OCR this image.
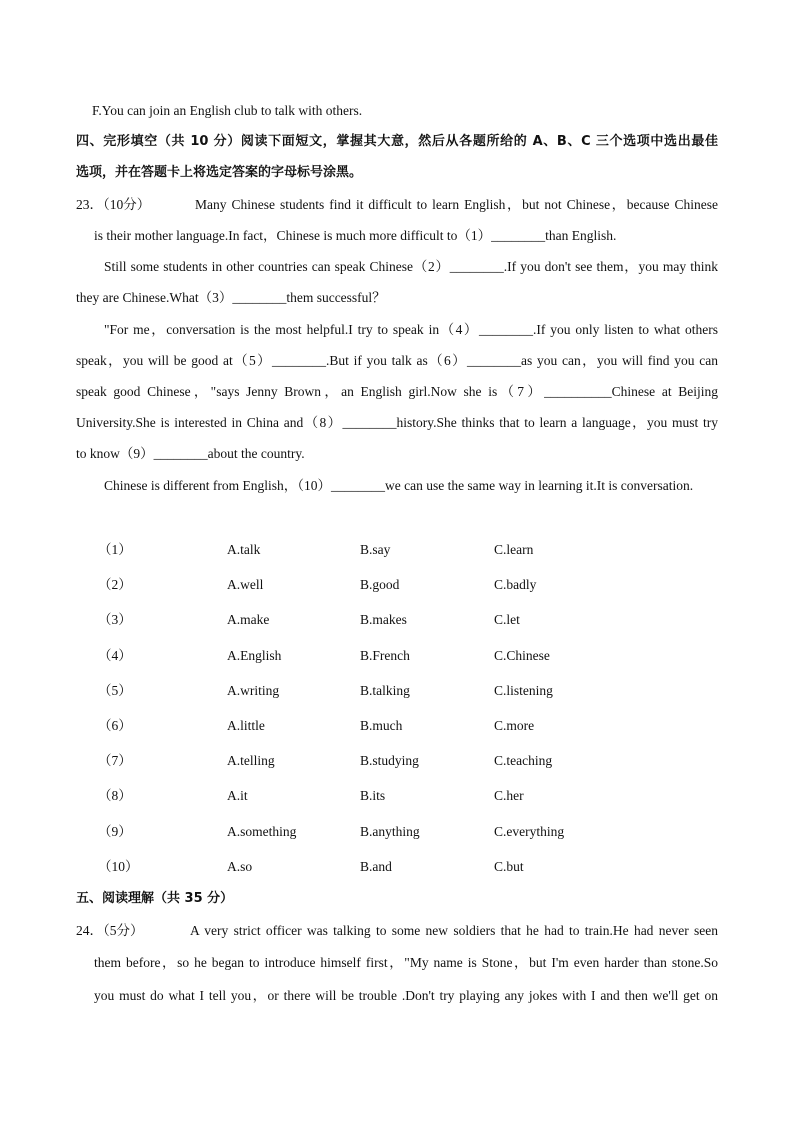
F.You can join an English club to talk with others.
四、完形填空（共 10 分）阅读下面短文，掌握其大意，然后从各题所给的 A、B、C 三个选项中选出最佳
选项，并在答题卡上将选定答案的字母标号涂黑。
23．（10分）	Many Chinese students find it difficult to learn English，but not Chinese，because Chinese
is their mother language.In fact，Chinese is much more difficult to（1）________than English.
Still some students in other countries can speak Chinese（2）________.If you don't see them，you may think
they are Chinese.What（3）________them successful？
"For me，conversation is the most helpful.I try to speak in（4）________.If you only listen to what others
speak，you will be good at（5）________.But if you talk as（6）________as you can，you will find you can
speak good Chinese，"says Jenny Brown，an English girl.Now she is（7）__________Chinese at Beijing
University.She is interested in China and（8）________history.She thinks that to learn a language，you must try
to know（9）________about the country.
Chinese is different from English，（10）________we can use the same way in learning it.It is conversation.
（1）	A.talk	B.say	C.learn
（2）	A.well	B.good	C.badly
（3）	A.make	B.makes	C.let
（4）	A.English	B.French	C.Chinese
（5）	A.writing	B.talking	C.listening
（6）	A.little	B.much	C.more
（7）	A.telling	B.studying	C.teaching
（8）	A.it	B.its	C.her
（9）	A.something	B.anything	C.everything
（10）	A.so	B.and	C.but
五、阅读理解（共 35 分）
24．（5分）	A very strict officer was talking to some new soldiers that he had to train.He had never seen
them before，so he began to introduce himself first，"My name is Stone，but I'm even harder than stone.So
you must do what I tell you，or there will be trouble .Don't try playing any jokes with I and then we'll get on
